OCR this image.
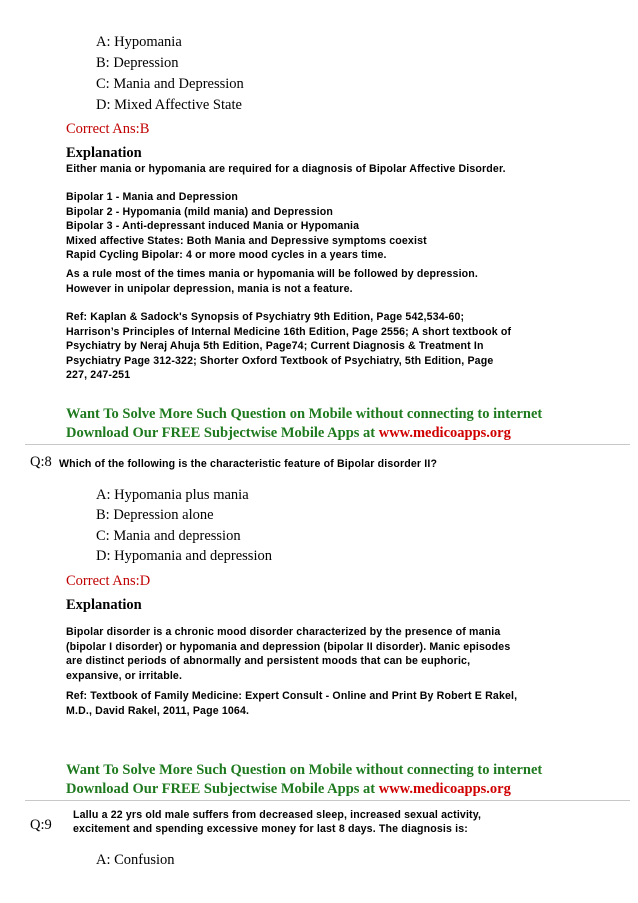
A: Hypomania
B: Depression
C: Mania and Depression
D: Mixed Affective State
Correct Ans:B
Explanation
Either mania or hypomania are required for a diagnosis of Bipolar Affective Disorder.
Bipolar 1 - Mania and Depression
Bipolar 2 - Hypomania (mild mania) and Depression
Bipolar 3 - Anti-depressant induced Mania or Hypomania
Mixed affective States: Both Mania and Depressive symptoms coexist
Rapid Cycling Bipolar: 4 or more mood cycles in a years time.
As a rule most of the times mania or hypomania will be followed by depression.
However in unipolar depression, mania is not a feature.
Ref: Kaplan & Sadock's Synopsis of Psychiatry 9th Edition, Page 542,534-60;
Harrison’s Principles of Internal Medicine 16th Edition, Page 2556; A short textbook of
Psychiatry by Neraj Ahuja 5th Edition, Page74; Current Diagnosis & Treatment In
Psychiatry Page 312-322; Shorter Oxford Textbook of Psychiatry, 5th Edition, Page
227, 247-251
Want To Solve More Such Question on Mobile without connecting to internet
Download Our FREE Subjectwise Mobile Apps at www.medicoapps.org
Q:8 Which of the following is the characteristic feature of Bipolar disorder II?
A: Hypomania plus mania
B: Depression alone
C: Mania and depression
D: Hypomania and depression
Correct Ans:D
Explanation
Bipolar disorder is a chronic mood disorder characterized by the presence of mania
(bipolar I disorder) or hypomania and depression (bipolar II disorder). Manic episodes
are distinct periods of abnormally and persistent moods that can be euphoric,
expansive, or irritable.
Ref: Textbook of Family Medicine: Expert Consult - Online and Print By Robert E Rakel,
M.D., David Rakel, 2011, Page 1064.
Want To Solve More Such Question on Mobile without connecting to internet
Download Our FREE Subjectwise Mobile Apps at www.medicoapps.org
Q:9
Lallu a 22 yrs old male suffers from decreased sleep, increased sexual activity,
excitement and spending excessive money for last 8 days. The diagnosis is:
A: Confusion
